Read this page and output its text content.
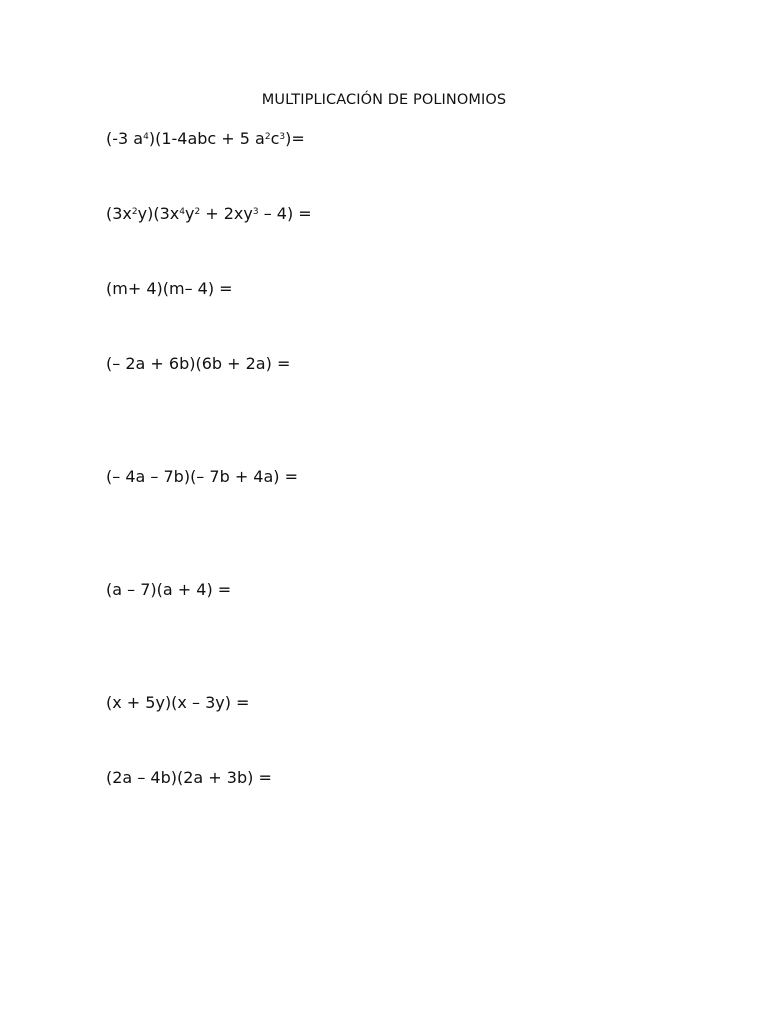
MULTIPLICACIÓN DE POLINOMIOS
(-3 $a^4)(1-4abc + 5$ $a^2c^3)=$
$(3x^2y)(3x^4y^2 + 2xy^3 - 4)$ =
(m+ 4)(m– 4) =
(– 2a + 6b)(6b + 2a) =
(– 4a – 7b)(– 7b + 4a) =
(a – 7)(a + 4) =
(x + 5y)(x – 3y) =
(2a – 4b)(2a + 3b) =
